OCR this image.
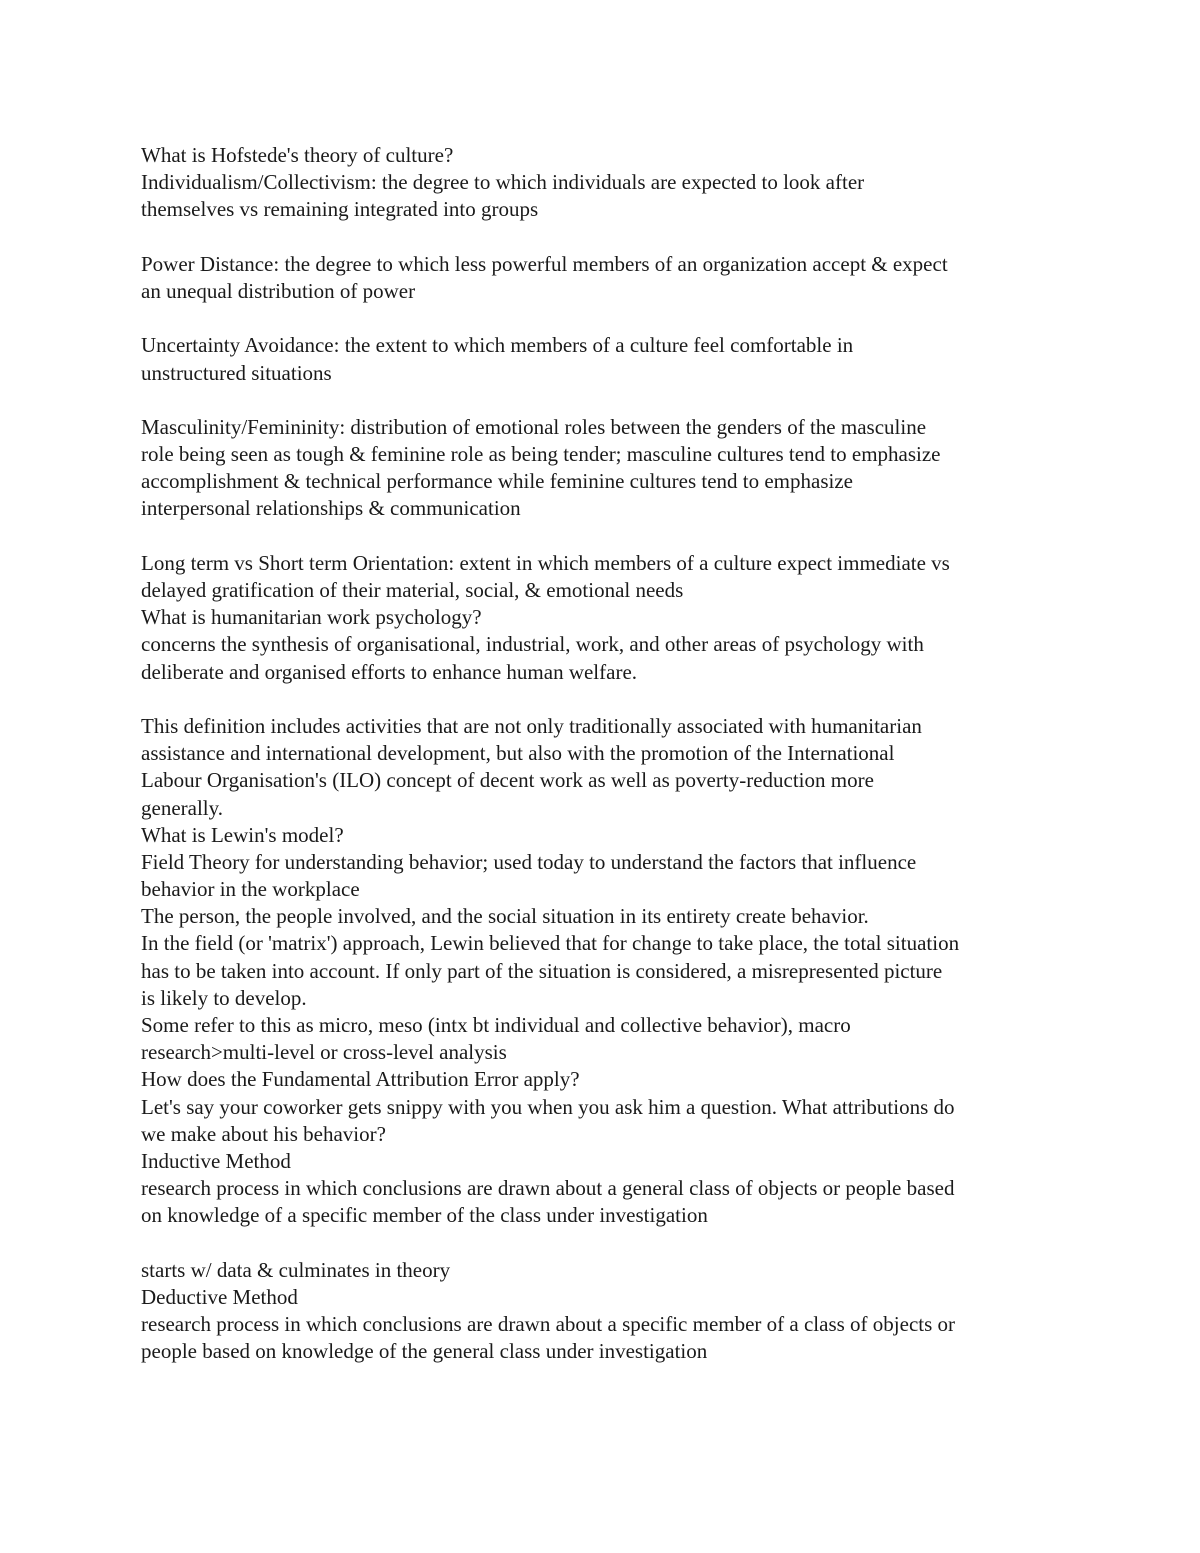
What is Hofstede's theory of culture?
Individualism/Collectivism: the degree to which individuals are expected to look after
themselves vs remaining integrated into groups
Power Distance: the degree to which less powerful members of an organization accept & expect
an unequal distribution of power
Uncertainty Avoidance: the extent to which members of a culture feel comfortable in
unstructured situations
Masculinity/Femininity: distribution of emotional roles between the genders of the masculine
role being seen as tough & feminine role as being tender; masculine cultures tend to emphasize
accomplishment & technical performance while feminine cultures tend to emphasize
interpersonal relationships & communication
Long term vs Short term Orientation: extent in which members of a culture expect immediate vs
delayed gratification of their material, social, & emotional needs
What is humanitarian work psychology?
concerns the synthesis of organisational, industrial, work, and other areas of psychology with
deliberate and organised efforts to enhance human welfare.
This definition includes activities that are not only traditionally associated with humanitarian
assistance and international development, but also with the promotion of the International
Labour Organisation's (ILO) concept of decent work as well as poverty-reduction more
generally.
What is Lewin's model?
Field Theory for understanding behavior; used today to understand the factors that influence
behavior in the workplace
The person, the people involved, and the social situation in its entirety create behavior.
In the field (or 'matrix') approach, Lewin believed that for change to take place, the total situation
has to be taken into account. If only part of the situation is considered, a misrepresented picture
is likely to develop.
Some refer to this as micro, meso (intx bt individual and collective behavior), macro
research>multi-level or cross-level analysis
How does the Fundamental Attribution Error apply?
Let's say your coworker gets snippy with you when you ask him a question. What attributions do
we make about his behavior?
Inductive Method
research process in which conclusions are drawn about a general class of objects or people based
on knowledge of a specific member of the class under investigation
starts w/ data & culminates in theory
Deductive Method
research process in which conclusions are drawn about a specific member of a class of objects or
people based on knowledge of the general class under investigation
